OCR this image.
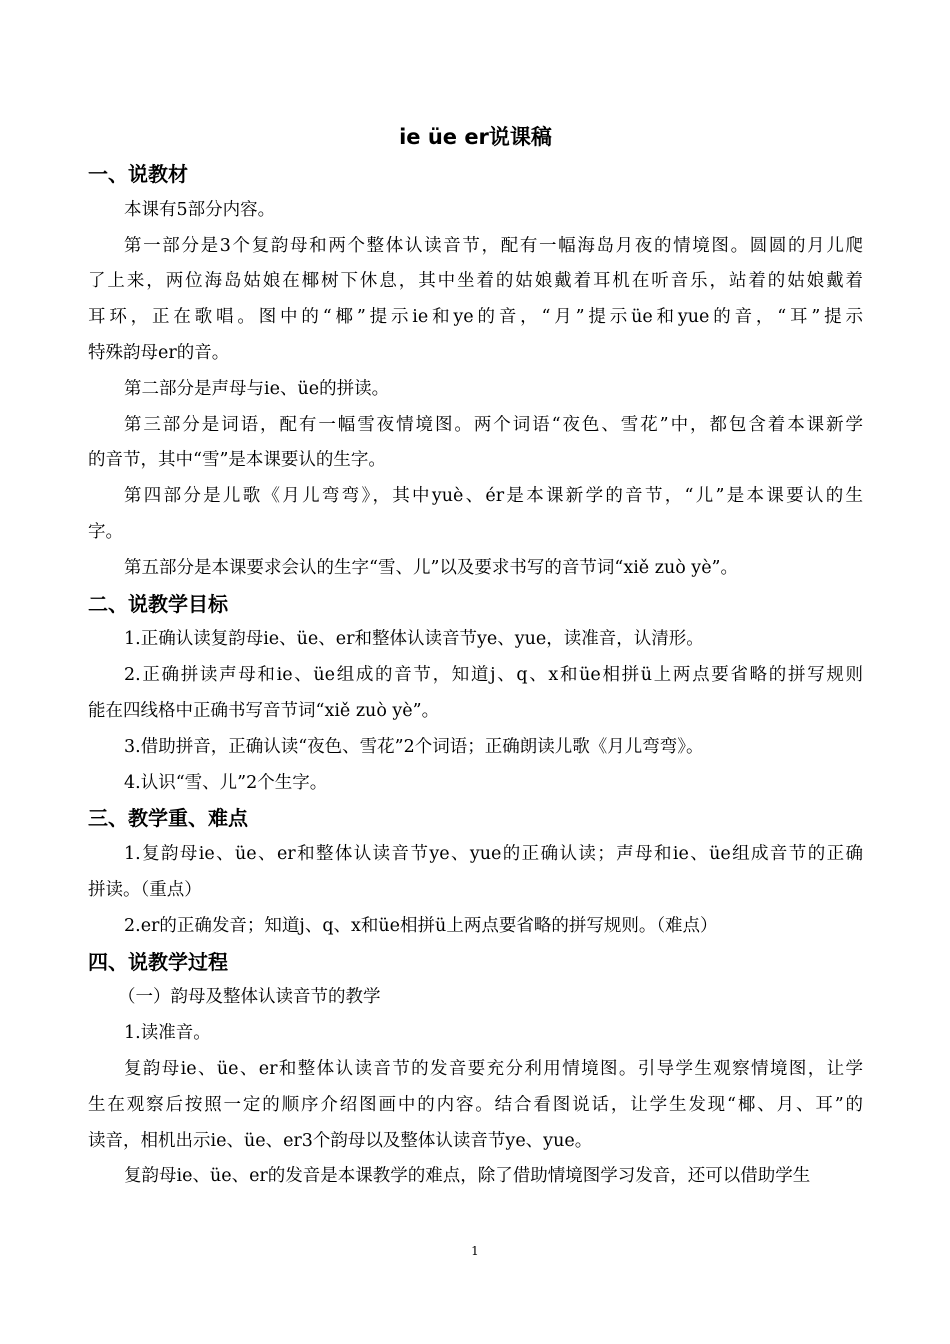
ie üe er说课稿
一、说教材
本课有5部分内容。
第一部分是3个复韵母和两个整体认读音节，配有一幅海岛月夜的情境图。圆圆的月儿爬
了上来，两位海岛姑娘在椰树下休息，其中坐着的姑娘戴着耳机在听音乐，站着的姑娘戴着
耳环，正在歌唱。图中的“椰”提示ie和ye的音，“月”提示üe和yue的音，“耳”提示
特殊韵母er的音。
第二部分是声母与ie、üe的拼读。
第三部分是词语，配有一幅雪夜情境图。两个词语“夜色、雪花”中，都包含着本课新学
的音节，其中“雪”是本课要认的生字。
第四部分是儿歌《月儿弯弯》，其中yuè、ér是本课新学的音节，“儿”是本课要认的生
字。
第五部分是本课要求会认的生字“雪、儿”以及要求书写的音节词“xiě zuò yè”。
二、说教学目标
1.正确认读复韵母ie、üe、er和整体认读音节ye、yue，读准音，认清形。
2.正确拼读声母和ie、üe组成的音节，知道j、q、x和üe相拼ü上两点要省略的拼写规则
能在四线格中正确书写音节词“xiě zuò yè”。
3.借助拼音，正确认读“夜色、雪花”2个词语；正确朗读儿歌《月儿弯弯》。
4.认识“雪、儿”2个生字。
三、教学重、难点
1.复韵母ie、üe、er和整体认读音节ye、yue的正确认读；声母和ie、üe组成音节的正确
拼读。（重点）
2.er的正确发音；知道j、q、x和üe相拼ü上两点要省略的拼写规则。（难点）
四、说教学过程
（一）韵母及整体认读音节的教学
1.读准音。
复韵母ie、üe、er和整体认读音节的发音要充分利用情境图。引导学生观察情境图，让学
生在观察后按照一定的顺序介绍图画中的内容。结合看图说话，让学生发现“椰、月、耳”的
读音，相机出示ie、üe、er3个韵母以及整体认读音节ye、yue。
复韵母ie、üe、er的发音是本课教学的难点，除了借助情境图学习发音，还可以借助学生
1
